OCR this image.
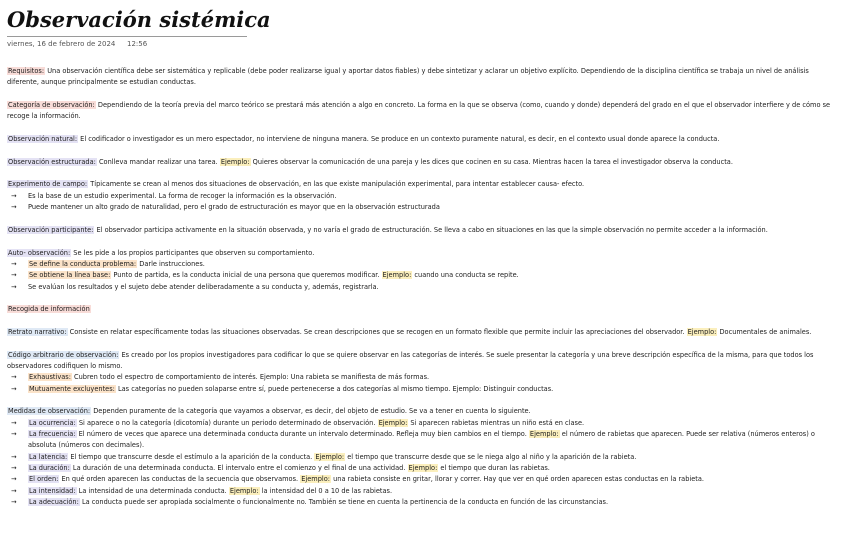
Observación sistémica
viernes, 16 de febrero de 2024 12:56

Requisitos: Una observación científica debe ser sistemática y replicable (debe poder realizarse igual y aportar datos fiables) y debe sintetizar y aclarar un objetivo explícito. Dependiendo de la disciplina científica se trabaja un nivel de análisis diferente, aunque principalmente se estudian conductas.

Categoría de observación: Dependiendo de la teoría previa del marco teórico se prestará más atención a algo en concreto. La forma en la que se observa (como, cuando y donde) dependerá del grado en el que el observador interfiere y de cómo se recoge la información.

Observación natural: El codificador o investigador es un mero espectador, no interviene de ninguna manera. Se produce en un contexto puramente natural, es decir, en el contexto usual donde aparece la conducta.

Observación estructurada: Conlleva mandar realizar una tarea. Ejemplo: Quieres observar la comunicación de una pareja y les dices que cocinen en su casa. Mientras hacen la tarea el investigador observa la conducta.

Experimento de campo: Típicamente se crean al menos dos situaciones de observación, en las que existe manipulación experimental, para intentar establecer causa- efecto.

→ Es la base de un estudio experimental. La forma de recoger la información es la observación.

→ Puede mantener un alto grado de naturalidad, pero el grado de estructuración es mayor que en la observación estructurada

Observación participante: El observador participa activamente en la situación observada, y no varía el grado de estructuración. Se lleva a cabo en situaciones en las que la simple observación no permite acceder a la información.

Auto- observación: Se les pide a los propios participantes que observen su comportamiento.

→ Se define la conducta problema: Darle instrucciones.

→ Se obtiene la línea base: Punto de partida, es la conducta inicial de una persona que queremos modificar. Ejemplo: cuando una conducta se repite.

→ Se evalúan los resultados y el sujeto debe atender deliberadamente a su conducta y, además, registrarla.

Recogida de información

Retrato narrativo: Consiste en relatar específicamente todas las situaciones observadas. Se crean descripciones que se recogen en un formato flexible que permite incluir las apreciaciones del observador. Ejemplo: Documentales de animales.

Código arbitrario de observación: Es creado por los propios investigadores para codificar lo que se quiere observar en las categorías de interés. Se suele presentar la categoría y una breve descripción específica de la misma, para que todos los observadores codifiquen lo mismo.

→ Exhaustivas: Cubren todo el espectro de comportamiento de interés. Ejemplo: Una rabieta se manifiesta de más formas.

→ Mutuamente excluyentes: Las categorías no pueden solaparse entre sí, puede pertenecerse a dos categorías al mismo tiempo. Ejemplo: Distinguir conductas.

Medidas de observación: Dependen puramente de la categoría que vayamos a observar, es decir, del objeto de estudio. Se va a tener en cuenta lo siguiente.

→ La ocurrencia: Si aparece o no la categoría (dicotomía) durante un periodo determinado de observación. Ejemplo: Si aparecen rabietas mientras un niño está en clase.

→ La frecuencia: El número de veces que aparece una determinada conducta durante un intervalo determinado. Refleja muy bien cambios en el tiempo. Ejemplo: el número de rabietas que aparecen. Puede ser relativa (números enteros) o absoluta (números con decimales).

→ La latencia: El tiempo que transcurre desde el estímulo a la aparición de la conducta. Ejemplo: el tiempo que transcurre desde que se le niega algo al niño y la aparición de la rabieta.

→ La duración: La duración de una determinada conducta. El intervalo entre el comienzo y el final de una actividad. Ejemplo: el tiempo que duran las rabietas.

→ El orden: En qué orden aparecen las conductas de la secuencia que observamos. Ejemplo: una rabieta consiste en gritar, llorar y correr. Hay que ver en qué orden aparecen estas conductas en la rabieta.

→ La intensidad: La intensidad de una determinada conducta. Ejemplo: la intensidad del 0 a 10 de las rabietas.

→ La adecuación: La conducta puede ser apropiada socialmente o funcionalmente no. También se tiene en cuenta la pertinencia de la conducta en función de las circunstancias.
